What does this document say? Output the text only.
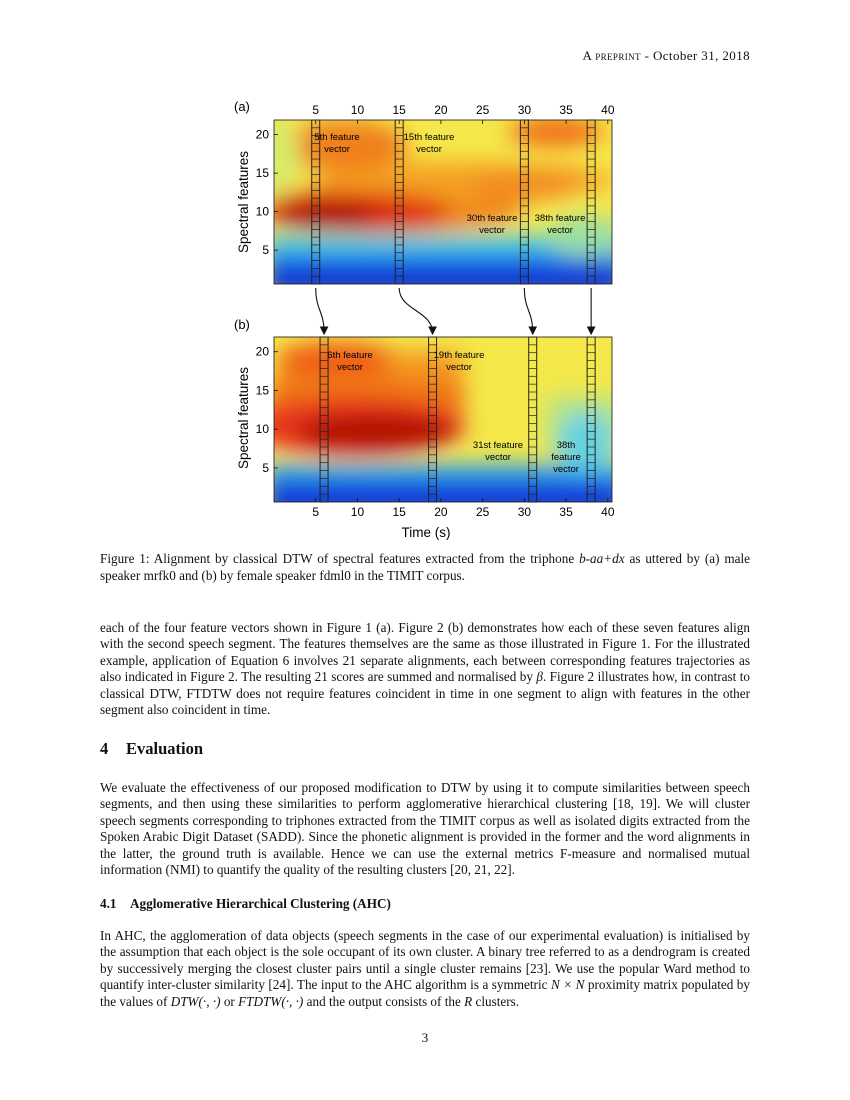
A preprint - October 31, 2018
(a)
(b)
Spectral features
Spectral features
Time (s)
20
15
10
5
5	10 15 20 25 30 35 40
20
15
10
5
5	10 15 20 25 30 35 40
5th feature
vector
15th feature
vector
30th feature
vector
38th feature
vector
6th feature
vector
19th feature
vector
31st feature
vector
38th
feature
vector
Figure 1: Alignment by classical DTW of spectral features extracted from the triphone b-aa+dx as uttered by (a) male speaker mrfk0 and (b) by female speaker fdml0 in the TIMIT corpus.
each of the four feature vectors shown in Figure 1 (a). Figure 2 (b) demonstrates how each of these seven features align with the second speech segment. The features themselves are the same as those illustrated in Figure 1. For the illustrated example, application of Equation 6 involves 21 separate alignments, each between corresponding features trajectories as also indicated in Figure 2. The resulting 21 scores are summed and normalised by β. Figure 2 illustrates how, in contrast to classical DTW, FTDTW does not require features coincident in time in one segment to align with features in the other segment also coincident in time.
4 Evaluation
We evaluate the effectiveness of our proposed modification to DTW by using it to compute similarities between speech segments, and then using these similarities to perform agglomerative hierarchical clustering [18, 19]. We will cluster speech segments corresponding to triphones extracted from the TIMIT corpus as well as isolated digits extracted from the Spoken Arabic Digit Dataset (SADD). Since the phonetic alignment is provided in the former and the word alignments in the latter, the ground truth is available. Hence we can use the external metrics F-measure and normalised mutual information (NMI) to quantify the quality of the resulting clusters [20, 21, 22].
4.1 Agglomerative Hierarchical Clustering (AHC)
In AHC, the agglomeration of data objects (speech segments in the case of our experimental evaluation) is initialised by the assumption that each object is the sole occupant of its own cluster. A binary tree referred to as a dendrogram is created by successively merging the closest cluster pairs until a single cluster remains [23]. We use the popular Ward method to quantify inter-cluster similarity [24]. The input to the AHC algorithm is a symmetric N × N proximity matrix populated by the values of DTW(·, ·) or FTDTW(·, ·) and the output consists of the R clusters.
3
